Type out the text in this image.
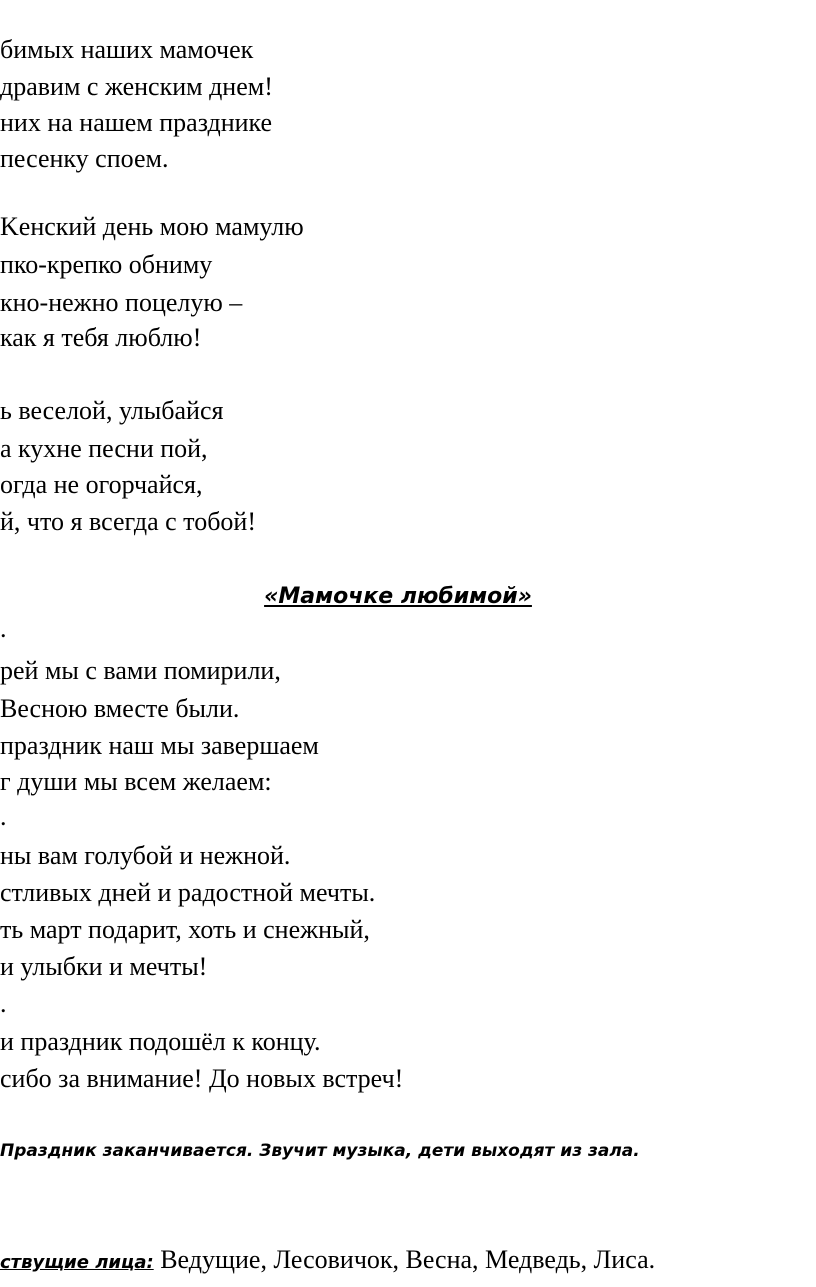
бимых наших мамочек
дравим с женским днем!
них на нашем празднике
песенку споем.
Kенский день мою мамулю
пко-крепко обниму
кно-нежно поцелую –
как я тебя люблю!
ь веселой, улыбайся
а кухне песни пой,
огда не огорчайся,
й, что я всегда с тобой!
«Мамочке любимой»
.
рей мы с вами помирили,
Весною вместе были.
праздник наш мы завершаем
г души мы всем желаем:
.
ны вам голубой и нежной.
стливых дней и радостной мечты.
ть март подарит, хоть и снежный,
и улыбки и мечты!
.
и праздник подошёл к концу.
сибо за внимание! До новых встреч!
Праздник заканчивается. Звучит музыка, дети выходят из зала.
ствущие лица: Ведущие, Лесовичок, Весна, Медведь, Лиса.
